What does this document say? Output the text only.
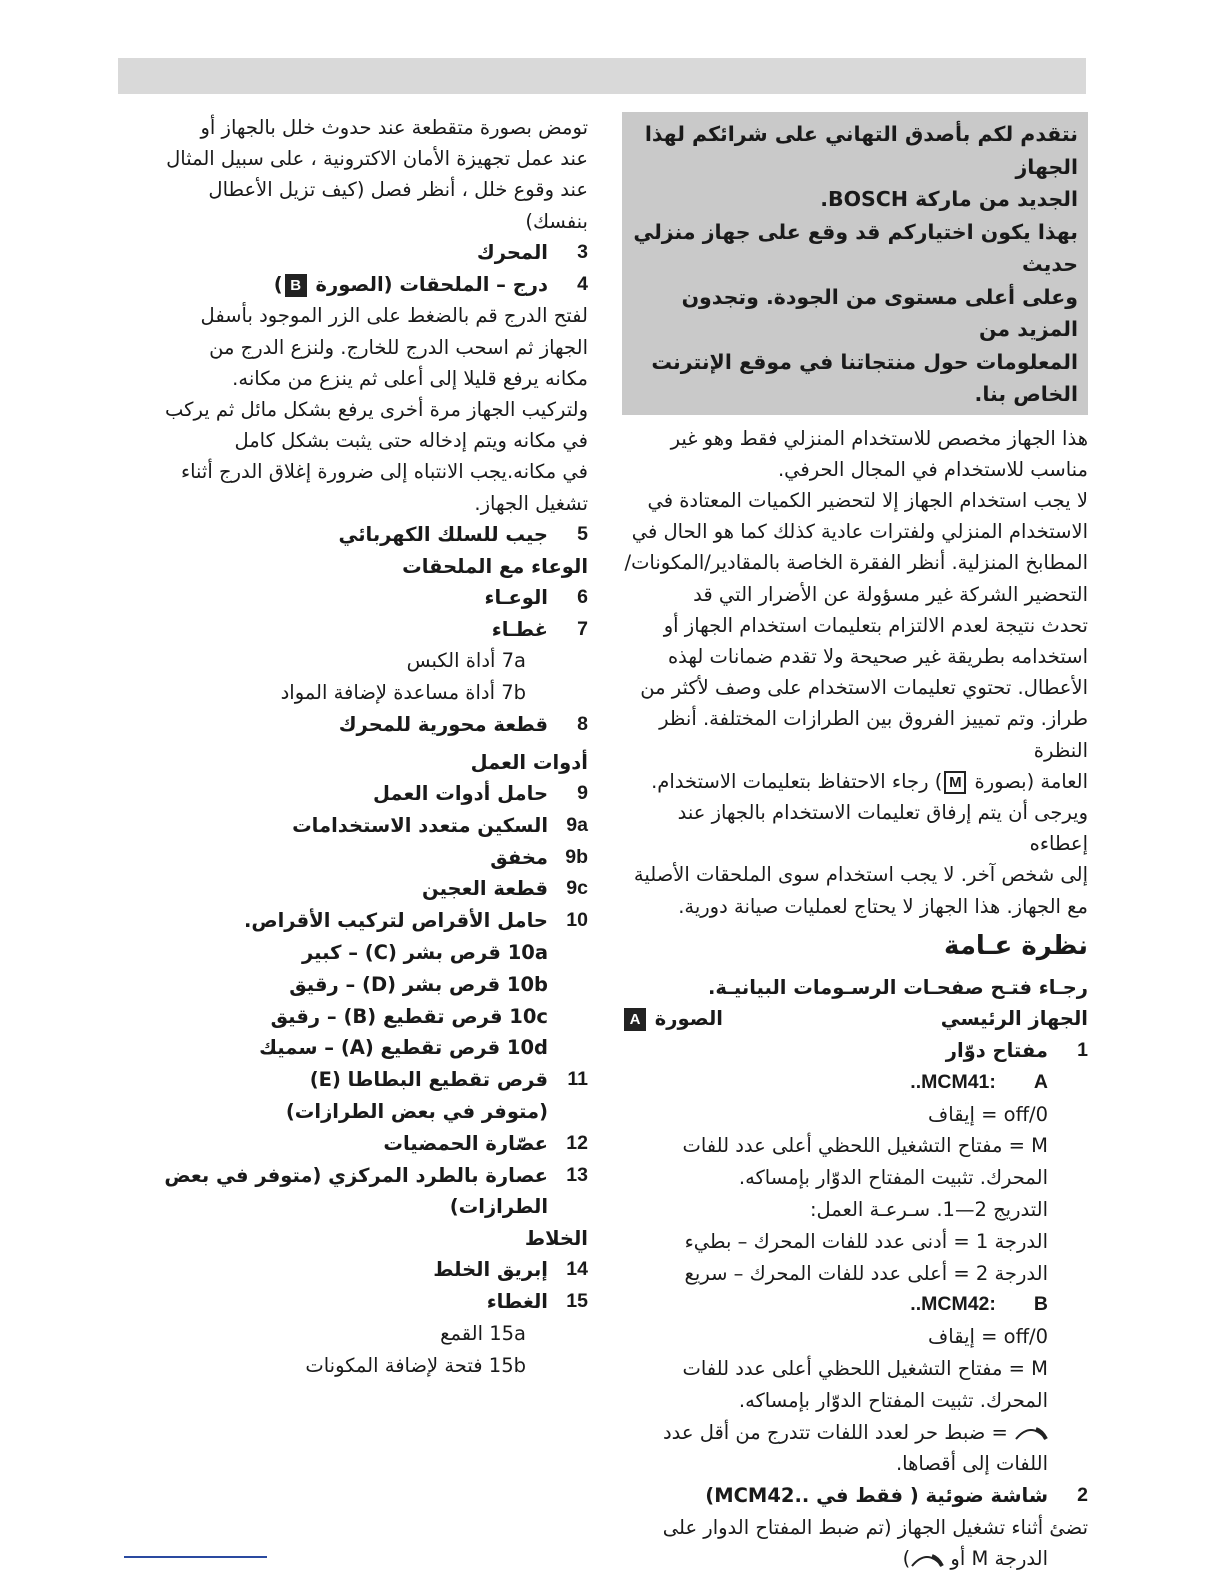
نتقدم لكم بأصدق التهاني على شرائكم لهذا الجهاز

الجديد من ماركة BOSCH.

بهذا يكون اختياركم قد وقع على جهاز منزلي حديث

وعلى أعلى مستوى من الجودة. وتجدون المزيد من

المعلومات حول منتجاتنا في موقع الإنترنت الخاص بنا.

هذا الجهاز مخصص للاستخدام المنزلي فقط وهو غير

مناسب للاستخدام في المجال الحرفي.

لا يجب استخدام الجهاز إلا لتحضير الكميات المعتادة في

الاستخدام المنزلي ولفترات عادية كذلك كما هو الحال في

المطابخ المنزلية. أنظر الفقرة الخاصة بالمقادير/المكونات/

التحضير الشركة غير مسؤولة عن الأضرار التي قد

تحدث نتيجة لعدم الالتزام بتعليمات استخدام الجهاز أو

استخدامه بطريقة غير صحيحة ولا تقدم ضمانات لهذه

الأعطال. تحتوي تعليمات الاستخدام على وصف لأكثر من

طراز. وتم تمييز الفروق بين الطرازات المختلفة. أنظر النظرة

العامة (بصورة M) رجاء الاحتفاظ بتعليمات الاستخدام.

ويرجى أن يتم إرفاق تعليمات الاستخدام بالجهاز عند إعطاءه

إلى شخص آخر. لا يجب استخدام سوى الملحقات الأصلية

مع الجهاز. هذا الجهاز لا يحتاج لعمليات صيانة دورية.

نظرة عـامة
رجـاء فتـح صفحـات الرسـومات البيانيـة.
الجهاز الرئيسي
الصورة A
1
مفتاح دوّار
A
:MCM41..
off/0 = إيقاف
M = مفتاح التشغيل اللحظي أعلى عدد للفات
المحرك. تثبيت المفتاح الدوّار بإمساكه.
التدريج 2—1. سـرعـة العمل:
الدرجة 1 = أدنى عدد للفات المحرك – بطيء
الدرجة 2 = أعلى عدد للفات المحرك – سريع
B
:MCM42..
off/0 = إيقاف
M = مفتاح التشغيل اللحظي أعلى عدد للفات
المحرك. تثبيت المفتاح الدوّار بإمساكه.
= ضبط حر لعدد اللفات تتدرج من أقل عدد
اللفات إلى أقصاها.
2
شاشة ضوئية ( فقط في ..MCM42)
تضئ أثناء تشغيل الجهاز (تم ضبط المفتاح الدوار على
الدرجة M أو )

تومض بصورة متقطعة عند حدوث خلل بالجهاز أو

عند عمل تجهيزة الأمان الاكترونية ، على سبيل المثال

عند وقوع خلل ، أنظر فصل (كيف تزيل الأعطال

بنفسك)

3
المحرك
4
درج – الملحقات (الصورة B)

لفتح الدرج قم بالضغط على الزر الموجود بأسفل

الجهاز ثم اسحب الدرج للخارج. ولنزع الدرج من

مكانه يرفع قليلا إلى أعلى ثم ينزع من مكانه.

ولتركيب الجهاز مرة أخرى يرفع بشكل مائل ثم يركب

في مكانه ويتم إدخاله حتى يثبت بشكل كامل

في مكانه.يجب الانتباه إلى ضرورة إغلاق الدرج أثناء

تشغيل الجهاز.

5
جيب للسلك الكهربائي
الوعاء مع الملحقات
6
الوعـاء
7
غطـاء
7a أداة الكبس
7b أداة مساعدة لإضافة المواد
8
قطعة محورية للمحرك
أدوات العمل
9
حامل أدوات العمل
9a
السكين متعدد الاستخدامات
9b
مخفق
9c
قطعة العجين
10
حامل الأقراص لتركيب الأقراص.
10a قرص بشر (C) – كبير
10b قرص بشر (D) – رقيق
10c قرص تقطيع (B) – رقيق
10d قرص تقطيع (A) – سميك
11
قرص تقطيع البطاطا (E)
(متوفر في بعض الطرازات)
12
عصّارة الحمضيات
13
عصارة بالطرد المركزي (متوفر في بعض الطرازات)
الخلاط
14
إبريق الخلط
15
الغطاء
15a القمع
15b فتحة لإضافة المكونات
